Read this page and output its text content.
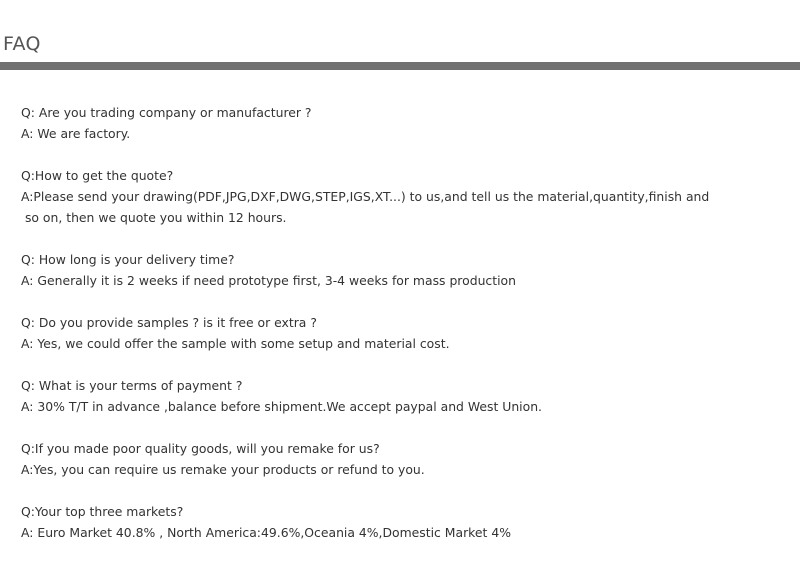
FAQ
Q: Are you trading company or manufacturer ?
A: We are factory.
Q:How to get the quote?
A:Please send your drawing(PDF,JPG,DXF,DWG,STEP,IGS,XT...) to us,and tell us the material,quantity,finish and
so on, then we quote you within 12 hours.
Q: How long is your delivery time?
A: Generally it is 2 weeks if need prototype first, 3-4 weeks for mass production
Q: Do you provide samples ? is it free or extra ?
A: Yes, we could offer the sample with some setup and material cost.
Q: What is your terms of payment ?
A: 30% T/T in advance ,balance before shipment.We accept paypal and West Union.
Q:If you made poor quality goods, will you remake for us?
A:Yes, you can require us remake your products or refund to you.
Q:Your top three markets?
A: Euro Market 40.8% , North America:49.6%,Oceania 4%,Domestic Market 4%
